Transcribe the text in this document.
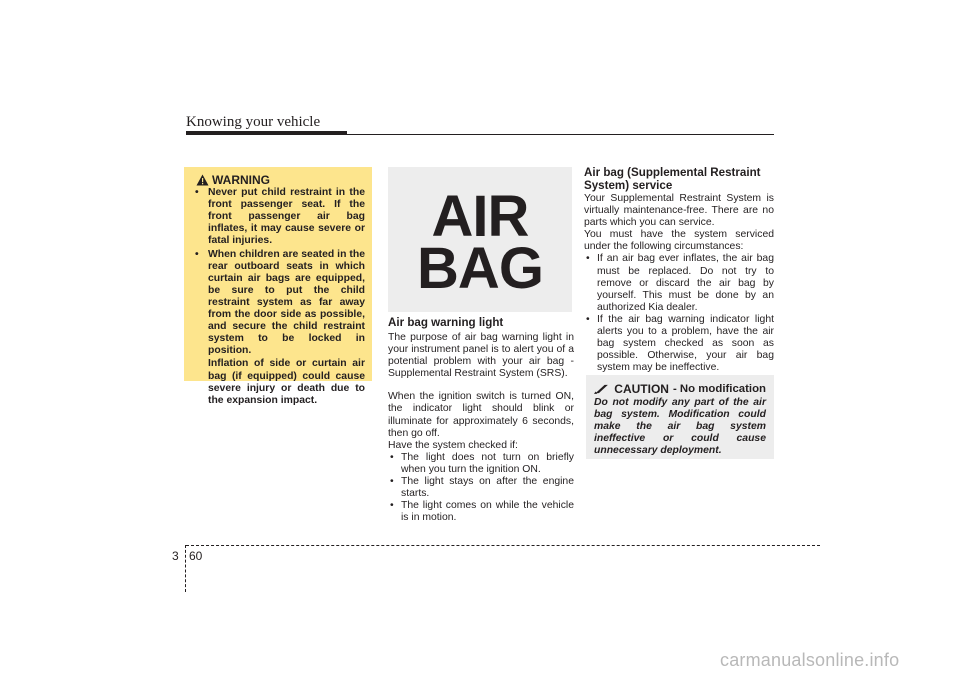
Knowing your vehicle
WARNING
• Never put child restraint in the front passenger seat. If the front passenger air bag inflates, it may cause severe or fatal injuries.
• When children are seated in the rear outboard seats in which curtain air bags are equipped, be sure to put the child restraint system as far away from the door side as possible, and secure the child restraint system to be locked in position.
Inflation of side or curtain air bag (if equipped) could cause severe injury or death due to the expansion impact.
AIR
BAG
Air bag warning light

The purpose of air bag warning light in your instrument panel is to alert you of a potential problem with your air bag - Supplemental Restraint System (SRS).

When the ignition switch is turned ON, the indicator light should blink or illuminate for approximately 6 seconds, then go off.

Have the system checked if:

• The light does not turn on briefly when you turn the ignition ON.
• The light stays on after the engine starts.
• The light comes on while the vehicle is in motion.
Air bag (Supplemental Restraint System) service

Your Supplemental Restraint System is virtually maintenance-free. There are no parts which you can service.

You must have the system serviced under the following circumstances:

• If an air bag ever inflates, the air bag must be replaced. Do not try to remove or discard the air bag by yourself. This must be done by an authorized Kia dealer.
• If the air bag warning indicator light alerts you to a problem, have the air bag system checked as soon as possible. Otherwise, your air bag system may be ineffective.
CAUTION - No modification
Do not modify any part of the air bag system. Modification could make the air bag system ineffective or could cause unnecessary deployment.
3 60
carmanualsonline.info
